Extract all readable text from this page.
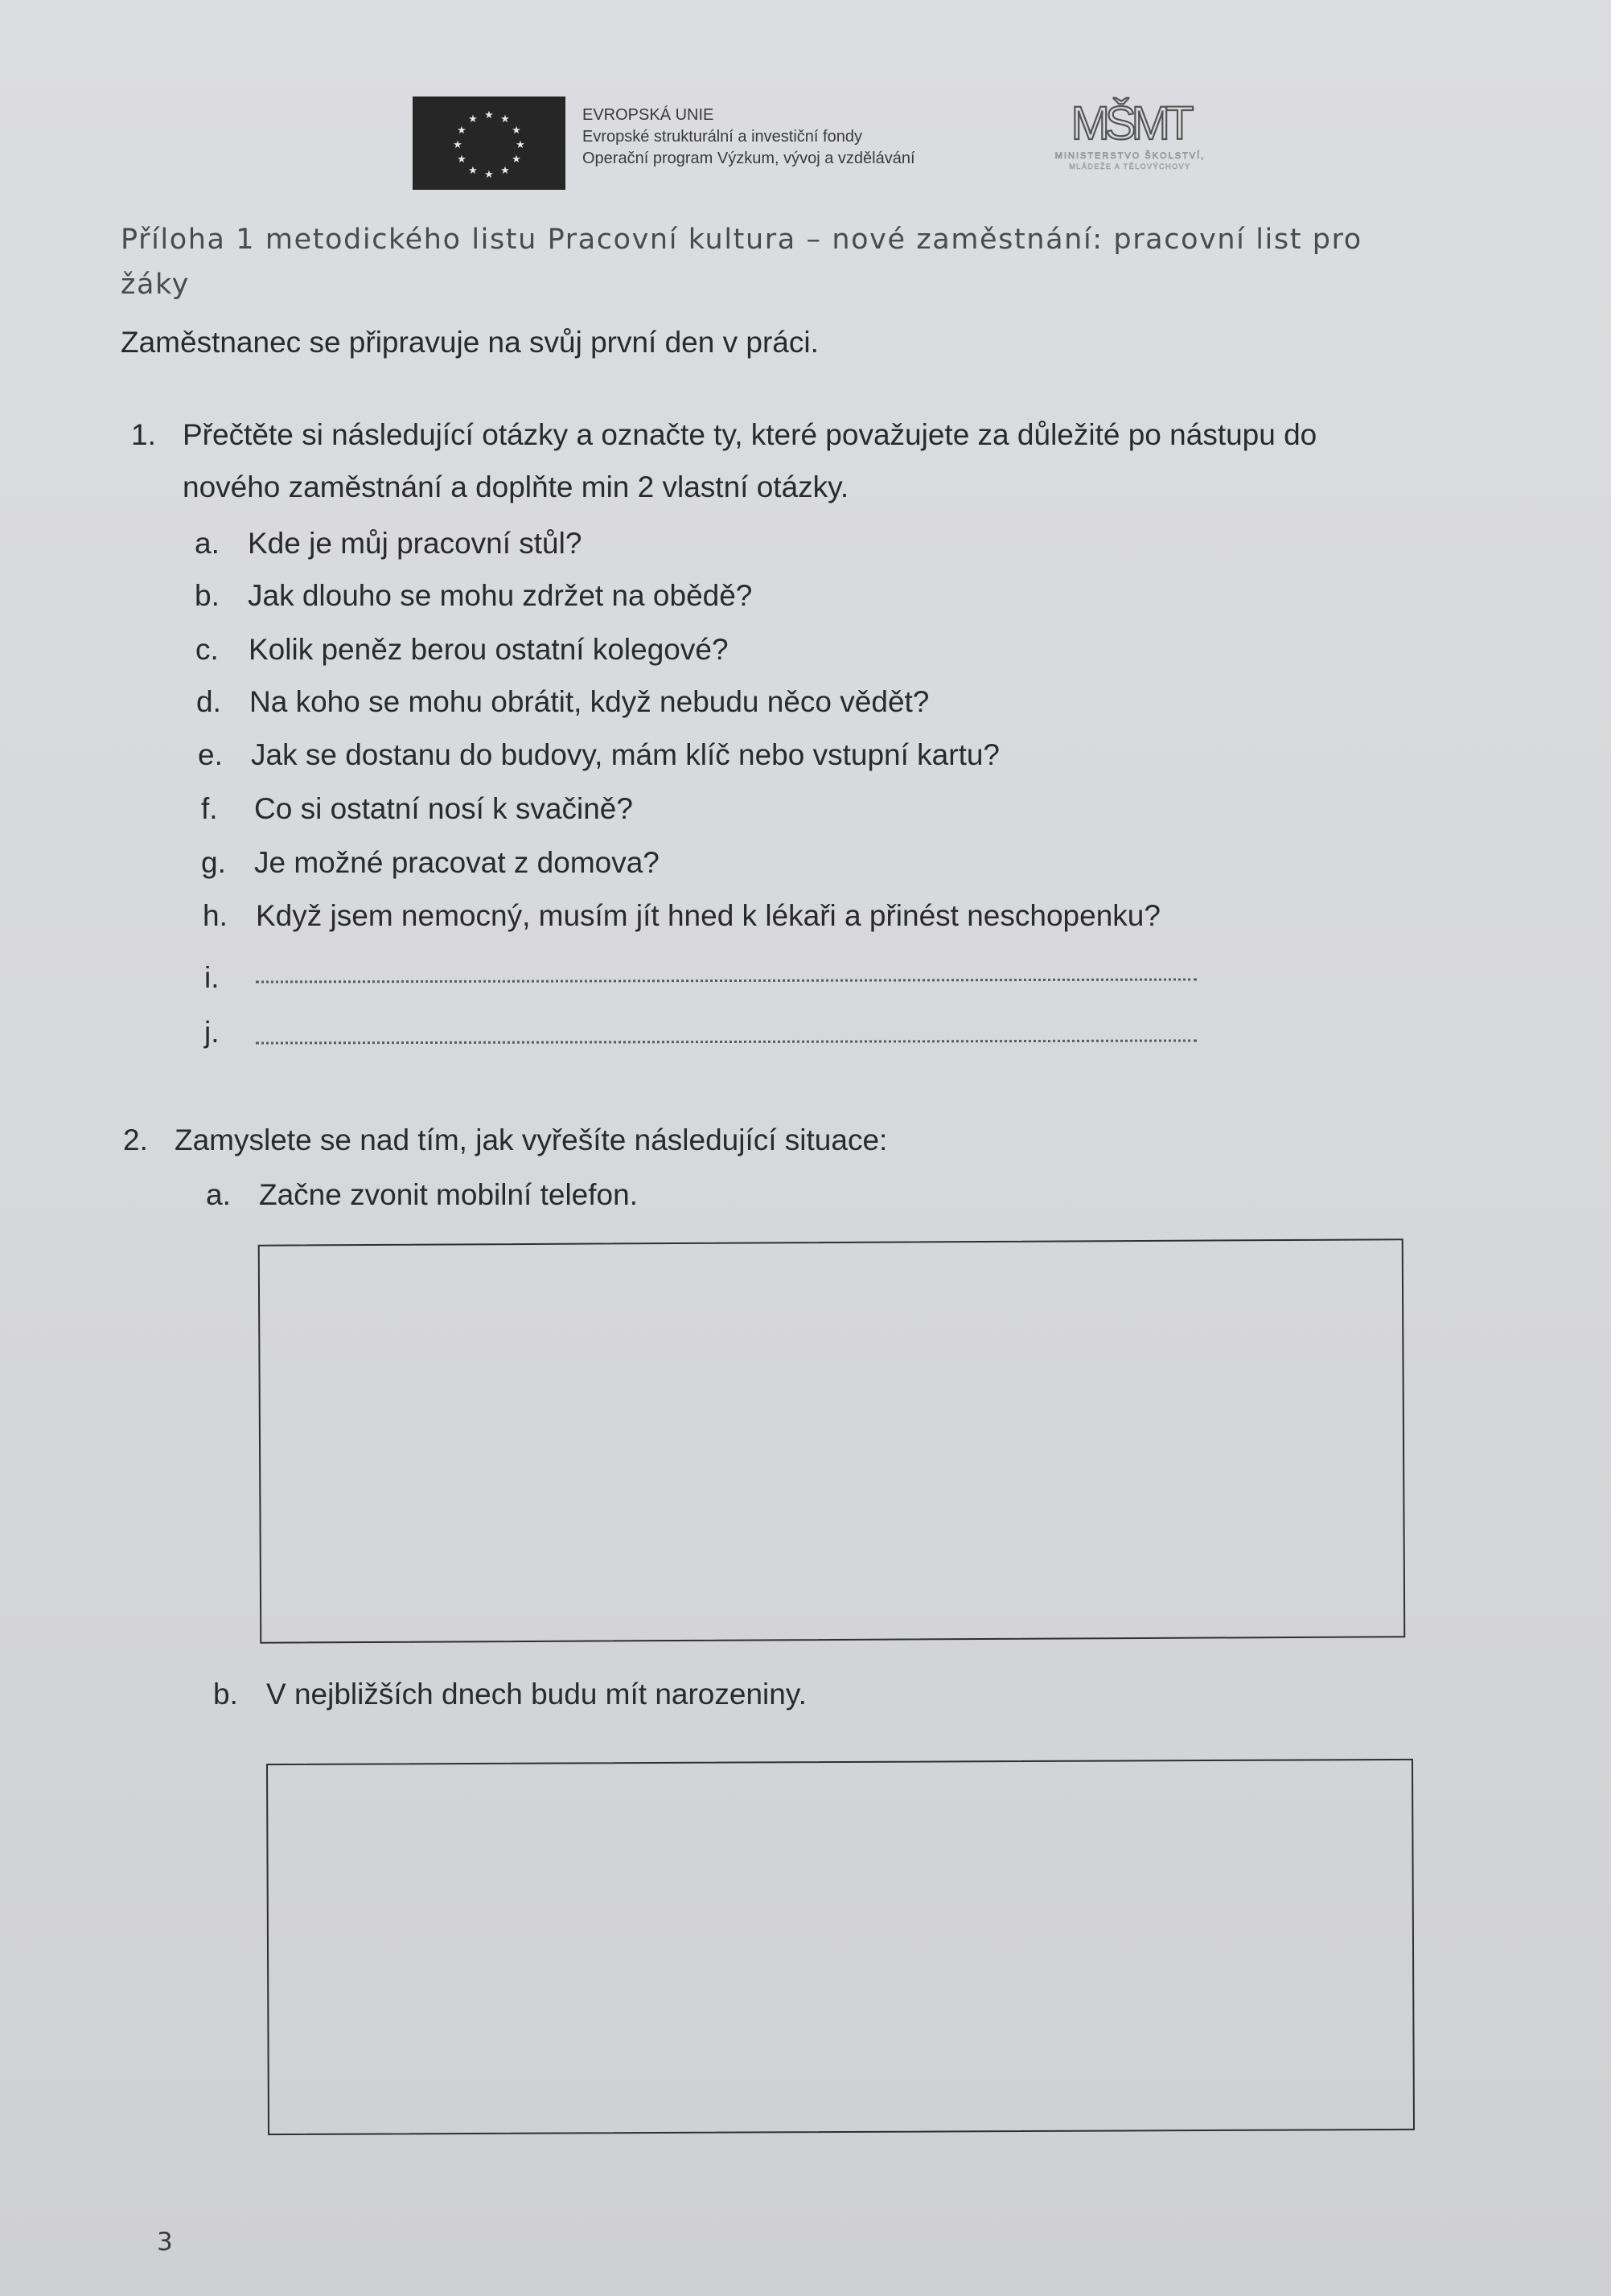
★ ★
★
★
★
★
★
★
★
★
★
★	EVROPSKÁ UNIE
Evropské strukturální a investiční fondy
Operační program Výzkum, vývoj a vzdělávání
MŠMT
MINISTERSTVO ŠKOLSTVÍ,
MLÁDEŽE A TĚLOVÝCHOVY
Příloha 1 metodického listu Pracovní kultura – nové zaměstnání: pracovní list pro žáky
Zaměstnanec se připravuje na svůj první den v práci.
1. Přečtěte si následující otázky a označte ty, které považujete za důležité po nástupu do
nového zaměstnání a doplňte min 2 vlastní otázky.
a. Kde je můj pracovní stůl?
b. Jak dlouho se mohu zdržet na obědě?
c. Kolik peněz berou ostatní kolegové?
d. Na koho se mohu obrátit, když nebudu něco vědět?
e. Jak se dostanu do budovy, mám klíč nebo vstupní kartu?
f. Co si ostatní nosí k svačině?
g. Je možné pracovat z domova?
h. Když jsem nemocný, musím jít hned k lékaři a přinést neschopenku?
i.
j.
2. Zamyslete se nad tím, jak vyřešíte následující situace:
a. Začne zvonit mobilní telefon.
b. V nejbližších dnech budu mít narozeniny.
3
